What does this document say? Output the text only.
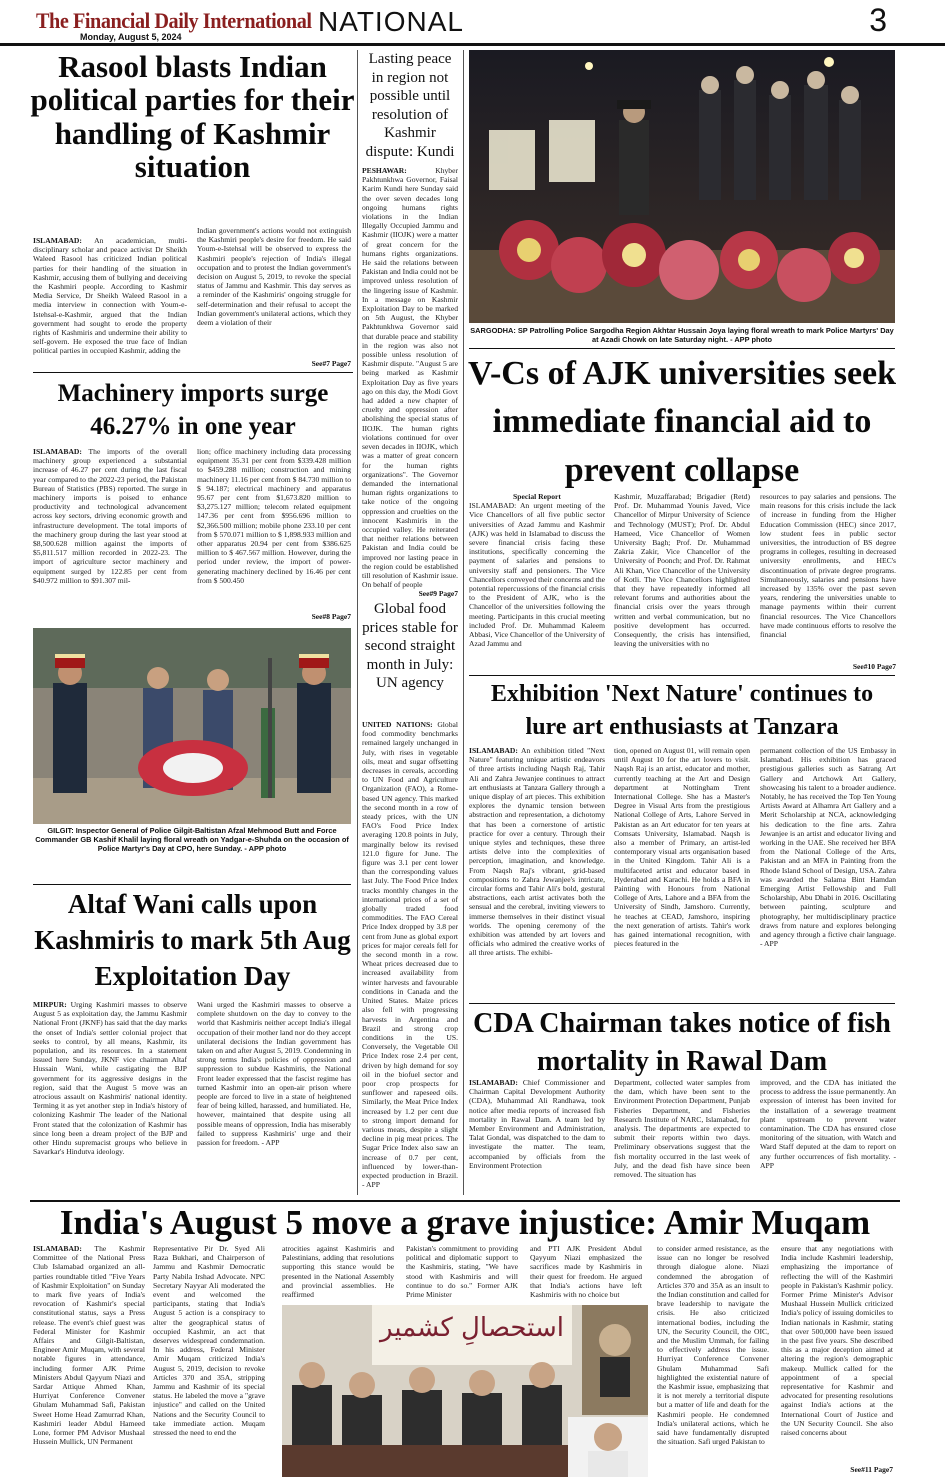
The Financial Daily International
Monday, August 5, 2024	NATIONAL	3
Rasool blasts Indian political parties for their handling of Kashmir situation
ISLAMABAD: An academician, multi-disciplinary scholar and peace activist Dr Sheikh Waleed Rasool has criticized Indian political parties for their handling of the situation in Kashmir, accusing them of bullying and deceiving the Kashmiri people. According to Kashmir Media Service, Dr Sheikh Waleed Rasool in a media interview in connection with Youm-e-Istehsal-e-Kashmir, argued that the Indian government had sought to erode the property rights of Kashmiris and undermine their ability to self-govern. He exposed the true face of Indian political parties in occupied Kashmir, adding the
Indian government's actions would not extinguish the Kashmiri people's desire for freedom. He said Youm-e-Istehsal will be observed to express the Kashmiri people's rejection of India's illegal occupation and to protest the Indian government's decision on August 5, 2019, to revoke the special status of Jammu and Kashmir. This day serves as a reminder of the Kashmiris' ongoing struggle for self-determination and their refusal to accept the Indian government's unilateral actions, which they deem a violation of their
See#7 Page7
Lasting peace in region not possible until resolution of Kashmir dispute: Kundi
PESHAWAR: Khyber Pakhtunkhwa Governor, Faisal Karim Kundi here Sunday said the over seven decades long ongoing humans rights violations in the Indian Illegally Occupied Jammu and Kashmir (IIOJK) were a matter of great concern for the humans rights organizations. He said the relations between Pakistan and India could not be improved unless resolution of the lingering issue of Kashmir. In a message on Kashmir Exploitation Day to be marked on 5th August, the Khyber Pakhtunkhwa Governor said that durable peace and stability in the region was also not possible unless resolution of Kashmir dispute. "August 5 are being marked as Kashmir Exploitation Day as five years ago on this day, the Modi Govt had added a new chapter of cruelty and oppression after abolishing the special status of IIOJK. The human rights violations continued for over seven decades in IIOJK, which was a matter of great concern for the human rights organizations". The Governor demanded the international human rights organizations to take notice of the ongoing oppression and cruelties on the innocent Kashmiris in the occupied valley. He reiterated that neither relations between Pakistan and India could be improved nor lasting peace in the region could be established till resolution of Kashmir issue. On behalf of people
See#9 Page7
Global food prices stable for second straight month in July: UN agency
UNITED NATIONS: Global food commodity benchmarks remained largely unchanged in July, with rises in vegetable oils, meat and sugar offsetting decreases in cereals, according to UN Food and Agriculture Organization (FAO), a Rome-based UN agency. This marked the second month in a row of steady prices, with the UN FAO's Food Price Index averaging 120.8 points in July, marginally below its revised 121.0 figure for June. The figure was 3.1 per cent lower than the corresponding values last July. The Food Price Index tracks monthly changes in the international prices of a set of globally traded food commodities. The FAO Cereal Price Index dropped by 3.8 per cent from June as global export prices for major cereals fell for the second month in a row. Wheat prices decreased due to increased availability from winter harvests and favourable conditions in Canada and the United States. Maize prices also fell with progressing harvests in Argentina and Brazil and strong crop conditions in the US. Conversely, the Vegetable Oil Price Index rose 2.4 per cent, driven by high demand for soy oil in the biofuel sector and poor crop prospects for sunflower and rapeseed oils. Similarly, the Meat Price Index increased by 1.2 per cent due to strong import demand for various meats, despite a slight decline in pig meat prices. The Sugar Price Index also saw an increase of 0.7 per cent, influenced by lower-than-expected production in Brazil. - APP
SARGODHA: SP Patrolling Police Sargodha Region Akhtar Hussain Joya laying floral wreath to mark Police Martyrs' Day at Azadi Chowk on late Saturday night. - APP photo
V-Cs of AJK universities seek immediate financial aid to prevent collapse
Special Report
ISLAMABAD: An urgent meeting of the Vice Chancellors of all five public sector universities of Azad Jammu and Kashmir (AJK) was held in Islamabad to discuss the severe financial crisis facing these institutions, specifically concerning the payment of salaries and pensions to university staff and pensioners. The Vice Chancellors conveyed their concerns and the potential repercussions of the financial crisis to the President of AJK, who is the Chancellor of the universities following the meeting. Participants in this crucial meeting included Prof. Dr. Muhammad Kaleem Abbasi, Vice Chancellor of the University of Azad Jammu and
Kashmir, Muzaffarabad; Brigadier (Retd) Prof. Dr. Muhammad Younis Javed, Vice Chancellor of Mirpur University of Science and Technology (MUST); Prof. Dr. Abdul Hameed, Vice Chancellor of Women University Bagh; Prof. Dr. Muhammad Zakria Zakir, Vice Chancellor of the University of Poonch; and Prof. Dr. Rahmat Ali Khan, Vice Chancellor of the University of Kotli. The Vice Chancellors highlighted that they have repeatedly informed all relevant forums and authorities about the financial crisis over the years through written and verbal communication, but no positive development has occurred. Consequently, the crisis has intensified, leaving the universities with no
resources to pay salaries and pensions. The main reasons for this crisis include the lack of increase in funding from the Higher Education Commission (HEC) since 2017, low student fees in public sector universities, the introduction of BS degree programs in colleges, resulting in decreased university enrollments, and HEC's discontinuation of private degree programs. Simultaneously, salaries and pensions have increased by 135% over the past seven years, rendering the universities unable to manage payments within their current financial resources. The Vice Chancellors have made continuous efforts to resolve the financial
See#10 Page7
Exhibition 'Next Nature' continues to lure art enthusiasts at Tanzara
ISLAMABAD: An exhibition titled "Next Nature" featuring unique artistic endeavors of three artists including Naqsh Raj, Tahir Ali and Zahra Jewanjee continues to attract art enthusiasts at Tanzara Gallery through a unique display of art pieces. This exhibition explores the dynamic tension between abstraction and representation, a dichotomy that has been a cornerstone of artistic practice for over a century. Through their unique styles and techniques, these three artists delve into the complexities of perception, imagination, and knowledge. From Naqsh Raj's vibrant, grid-based compositions to Zahra Jewanjee's intricate, circular forms and Tahir Ali's bold, gestural abstractions, each artist activates both the sensual and the cerebral, inviting viewers to immerse themselves in their distinct visual worlds. The opening ceremony of the exhibition was attended by art lovers and officials who admired the creative works of all three artists. The exhibi-
tion, opened on August 01, will remain open until August 10 for the art lovers to visit. Naqsh Raj is an artist, educator and mother, currently teaching at the Art and Design department at Nottingham Trent International College. She has a Master's Degree in Visual Arts from the prestigious National College of Arts, Lahore Served in Pakistan as an Art educator for ten years at Comsats University, Islamabad. Naqsh is also a member of Primary, an artist-led contemporary visual arts organisation based in the United Kingdom. Tahir Ali is a multifaceted artist and educator based in Hyderabad and Karachi. He holds a BFA in Painting with Honours from National College of Arts, Lahore and a BFA from the University of Sindh, Jamshoro. Currently, he teaches at CEAD, Jamshoro, inspiring the next generation of artists. Tahir's work has gained international recognition, with pieces featured in the
permanent collection of the US Embassy in Islamabad. His exhibition has graced prestigious galleries such as Satrang Art Gallery and Artchowk Art Gallery, showcasing his talent to a broader audience. Notably, he has received the Top Ten Young Artists Award at Alhamra Art Gallery and a Merit Scholarship at NCA, acknowledging his dedication to the fine arts. Zahra Jewanjee is an artist and educator living and working in the UAE. She received her BFA from the National College of the Arts, Pakistan and an MFA in Painting from the Rhode Island School of Design, USA. Zahra was awarded the Salama Bint Hamdan Emerging Artist Fellowship and Full Scholarship, Abu Dhabi in 2016. Oscillating between painting, sculpture and photography, her multidisciplinary practice draws from nature and explores belonging and agency through a fictive chair language. - APP
CDA Chairman takes notice of fish mortality in Rawal Dam
ISLAMABAD: Chief Commissioner and Chairman Capital Development Authority (CDA), Muhammad Ali Randhawa, took notice after media reports of increased fish mortality in Rawal Dam. A team led by Member Environment and Administration, Talat Gondal, was dispatched to the dam to investigate the matter. The team, accompanied by officials from the Environment Protection
Department, collected water samples from the dam, which have been sent to the Environment Protection Department, Punjab Fisheries Department, and Fisheries Research Institute of NARC, Islamabad, for analysis. The departments are expected to submit their reports within two days. Preliminary observations suggest that the fish mortality occurred in the last week of July, and the dead fish have since been removed. The situation has
improved, and the CDA has initiated the process to address the issue permanently. An expression of interest has been invited for the installation of a sewerage treatment plant upstream to prevent water contamination. The CDA has ensured close monitoring of the situation, with Watch and Ward Staff deputed at the dam to report on any further occurrences of fish mortality. - APP
Machinery imports surge 46.27% in one year
ISLAMABAD: The imports of the overall machinery group experienced a substantial increase of 46.27 per cent during the last fiscal year compared to the 2022-23 period, the Pakistan Bureau of Statistics (PBS) reported. The surge in machinery imports is poised to enhance productivity and technological advancement across key sectors, driving economic growth and infrastructure development. The total imports of the machinery group during the last year stood at $8,500.628 million against the imports of $5,811.517 million recorded in 2022-23. The import of agriculture sector machinery and equipment surged by 122.85 per cent from $40.972 million to $91.307 mil-
lion; office machinery including data processing equipment 35.31 per cent from $339.428 million to $459.288 million; construction and mining machinery 11.16 per cent from $ 84.730 million to $ 94.187; electrical machinery and apparatus 95.67 per cent from $1,673.820 million to $3,275.127 million; telecom related equipment 147.36 per cent from $956.696 million to $2,366.500 million; mobile phone 233.10 per cent from $ 570.071 million to $ 1,898.933 million and other apparatus 20.94 per cent from $386.625 million to $ 467.567 million. However, during the period under review, the import of power-generating machinery declined by 16.46 per cent from $ 500.450
See#8 Page7
GILGIT: Inspector General of Police Gilgit-Baltistan Afzal Mehmood Butt and Force Commander GB Kashif Khalil laying floral wreath on Yadgar-e-Shuhda on the occasion of Police Martyr's Day at CPO, here Sunday. - APP photo
Altaf Wani calls upon Kashmiris to mark 5th Aug Exploitation Day
MIRPUR: Urging Kashmiri masses to observe August 5 as exploitation day, the Jammu Kashmir National Front (JKNF) has said that the day marks the onset of India's settler colonial project that seeks to control, by all means, Kashmir, its population, and its resources. In a statement issued here Sunday, JKNF vice chairman Altaf Hussain Wani, while castigating the BJP government for its aggressive designs in the region, said that the August 5 move was an atrocious assault on Kashmiris' national identity. Terming it as yet another step in India's history of colonizing Kashmir The leader of the National Front stated that the colonization of Kashmir has since long been a dream project of the BJP and other Hindu supremacist groups who believe in Savarkar's Hindutva ideology.
Wani urged the Kashmiri masses to observe a complete shutdown on the day to convey to the world that Kashmiris neither accept India's illegal occupation of their mother land nor do they accept unilateral decisions the Indian government has taken on and after August 5, 2019. Condemning in strong terms India's policies of oppression and suppression to subdue Kashmiris, the National Front leader expressed that the fascist regime has turned Kashmir into an open-air prison where people are forced to live in a state of heightened fear of being killed, harassed, and humiliated. He, however, maintained that despite using all possible means of oppression, India has miserably failed to suppress Kashmiris' urge and their passion for freedom. - APP
India's August 5 move a grave injustice: Amir Muqam
ISLAMABAD: The Kashmir Committee of the National Press Club Islamabad organized an all-parties roundtable titled "Five Years of Kashmir Exploitation" on Sunday to mark five years of India's revocation of Kashmir's special constitutional status, says a Press release. The event's chief guest was Federal Minister for Kashmir Affairs and Gilgit-Baltistan, Engineer Amir Muqam, with several notable figures in attendance, including former AJK Prime Ministers Abdul Qayyum Niazi and Sardar Attique Ahmed Khan, Hurriyat Conference Convener Ghulam Muhammad Safi, Pakistan Sweet Home Head Zamurrad Khan, Kashmiri leader Abdul Hameed Lone, former PM Advisor Mushaal Hussein Mullick, UN Permanent
Representative Pir Dr. Syed Ali Raza Bukhari, and Chairperson of Jammu and Kashmir Democratic Party Nabila Irshad Advocate. NPC Secretary Nayyar Ali moderated the event and welcomed the participants, stating that India's August 5 action is a conspiracy to alter the geographical status of occupied Kashmir, an act that deserves widespread condemnation. In his address, Federal Minister Amir Muqam criticized India's August 5, 2019, decision to revoke Articles 370 and 35A, stripping Jammu and Kashmir of its special status. He labeled the move a "grave injustice" and called on the United Nations and the Security Council to take immediate action. Muqam stressed the need to end the
atrocities against Kashmiris and Palestinians, adding that resolutions supporting this stance would be presented in the National Assembly and provincial assemblies. He reaffirmed
Pakistan's commitment to providing political and diplomatic support to the Kashmiris, stating, "We have stood with Kashmiris and will continue to do so." Former AJK Prime Minister
and PTI AJK President Abdul Qayyum Niazi emphasized the sacrifices made by Kashmiris in their quest for freedom. He argued that India's actions have left Kashmiris with no choice but
to consider armed resistance, as the issue can no longer be resolved through dialogue alone. Niazi condemned the abrogation of Articles 370 and 35A as an insult to the Indian constitution and called for brave leadership to navigate the crisis. He also criticized international bodies, including the UN, the Security Council, the OIC, and the Muslim Ummah, for failing to effectively address the issue. Hurriyat Conference Convener Ghulam Muhammad Safi highlighted the existential nature of the Kashmir issue, emphasizing that it is not merely a territorial dispute but a matter of life and death for the Kashmiri people. He condemned India's unilateral actions, which he said have fundamentally disrupted the situation. Safi urged Pakistan to
ensure that any negotiations with India include Kashmiri leadership, emphasizing the importance of reflecting the will of the Kashmiri people in Pakistan's Kashmir policy. Former Prime Minister's Advisor Mushaal Hussein Mullick criticized India's policy of issuing domiciles to Indian nationals in Kashmir, stating that over 500,000 have been issued in the past five years. She described this as a major deception aimed at altering the region's demographic makeup. Mullick called for the appointment of a special representative for Kashmir and advocated for presenting resolutions against India's actions at the International Court of Justice and the UN Security Council. She also raised concerns about
See#11 Page7
استحصالِ کشمیر
